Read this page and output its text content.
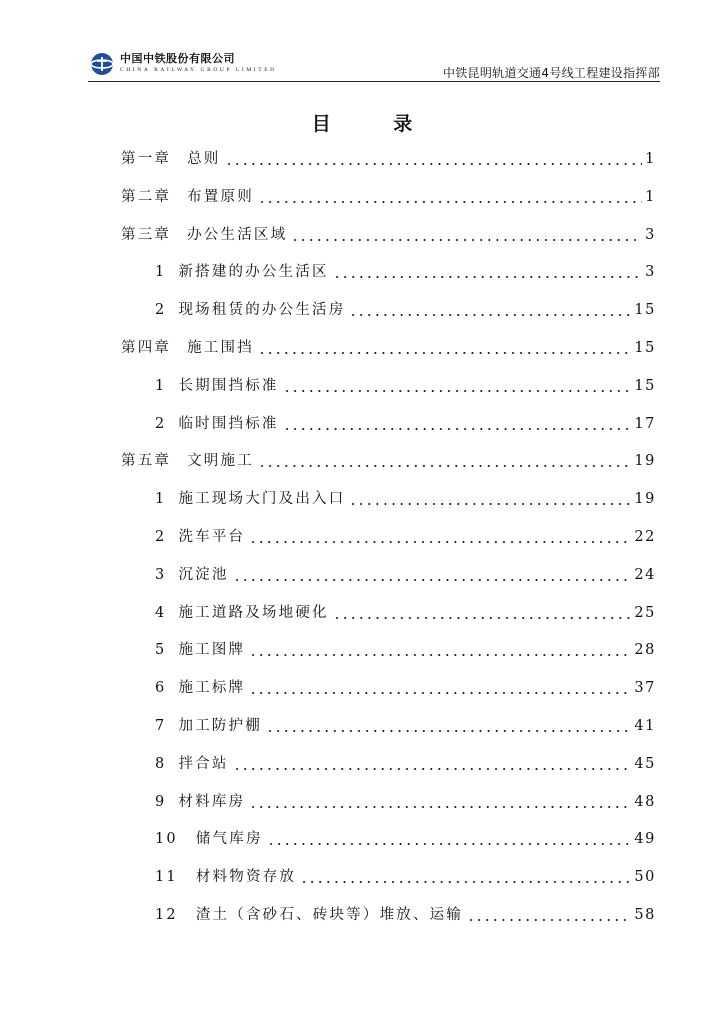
中国中铁股份有限公司
CHINA RAILWAY GROUP LIMITED	中铁昆明轨道交通4号线工程建设指挥部
目 录
第一章 总则	1
第二章 布置原则	1
第三章 办公生活区域	3
1 新搭建的办公生活区	3
2 现场租赁的办公生活房	15
第四章 施工围挡	15
1 长期围挡标准	15
2 临时围挡标准	17
第五章 文明施工	19
1 施工现场大门及出入口	19
2 洗车平台	22
3 沉淀池	24
4 施工道路及场地硬化	25
5 施工图牌	28
6 施工标牌	37
7 加工防护棚	41
8 拌合站	45
9 材料库房	48
10 储气库房	49
11 材料物资存放	50
12 渣土（含砂石、砖块等）堆放、运输	58
